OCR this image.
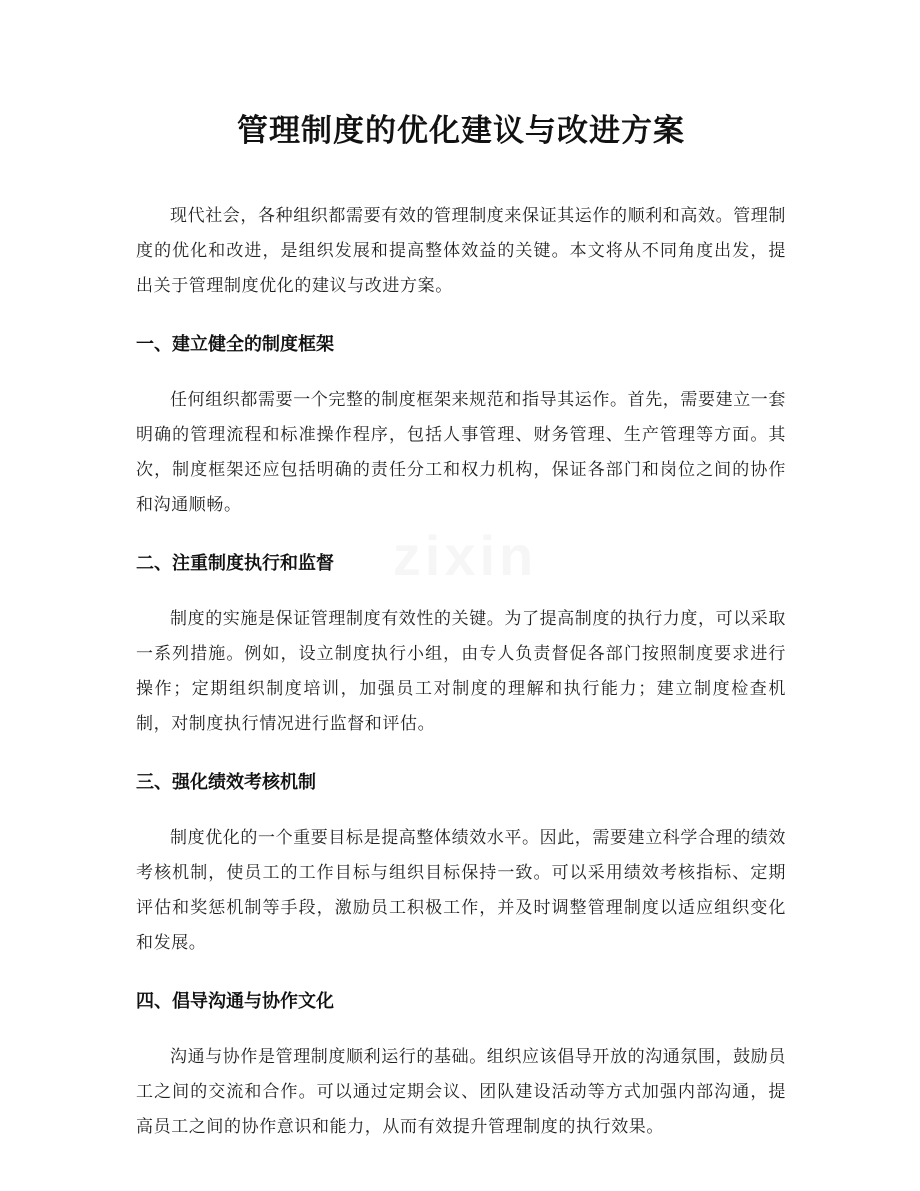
管理制度的优化建议与改进方案

现代社会，各种组织都需要有效的管理制度来保证其运作的顺利和高效。管理制度的优化和改进，是组织发展和提高整体效益的关键。本文将从不同角度出发，提出关于管理制度优化的建议与改进方案。

一、建立健全的制度框架

任何组织都需要一个完整的制度框架来规范和指导其运作。首先，需要建立一套明确的管理流程和标准操作程序，包括人事管理、财务管理、生产管理等方面。其次，制度框架还应包括明确的责任分工和权力机构，保证各部门和岗位之间的协作和沟通顺畅。

二、注重制度执行和监督

制度的实施是保证管理制度有效性的关键。为了提高制度的执行力度，可以采取一系列措施。例如，设立制度执行小组，由专人负责督促各部门按照制度要求进行操作；定期组织制度培训，加强员工对制度的理解和执行能力；建立制度检查机制，对制度执行情况进行监督和评估。

三、强化绩效考核机制

制度优化的一个重要目标是提高整体绩效水平。因此，需要建立科学合理的绩效考核机制，使员工的工作目标与组织目标保持一致。可以采用绩效考核指标、定期评估和奖惩机制等手段，激励员工积极工作，并及时调整管理制度以适应组织变化和发展。

四、倡导沟通与协作文化

沟通与协作是管理制度顺利运行的基础。组织应该倡导开放的沟通氛围，鼓励员工之间的交流和合作。可以通过定期会议、团队建设活动等方式加强内部沟通，提高员工之间的协作意识和能力，从而有效提升管理制度的执行效果。
